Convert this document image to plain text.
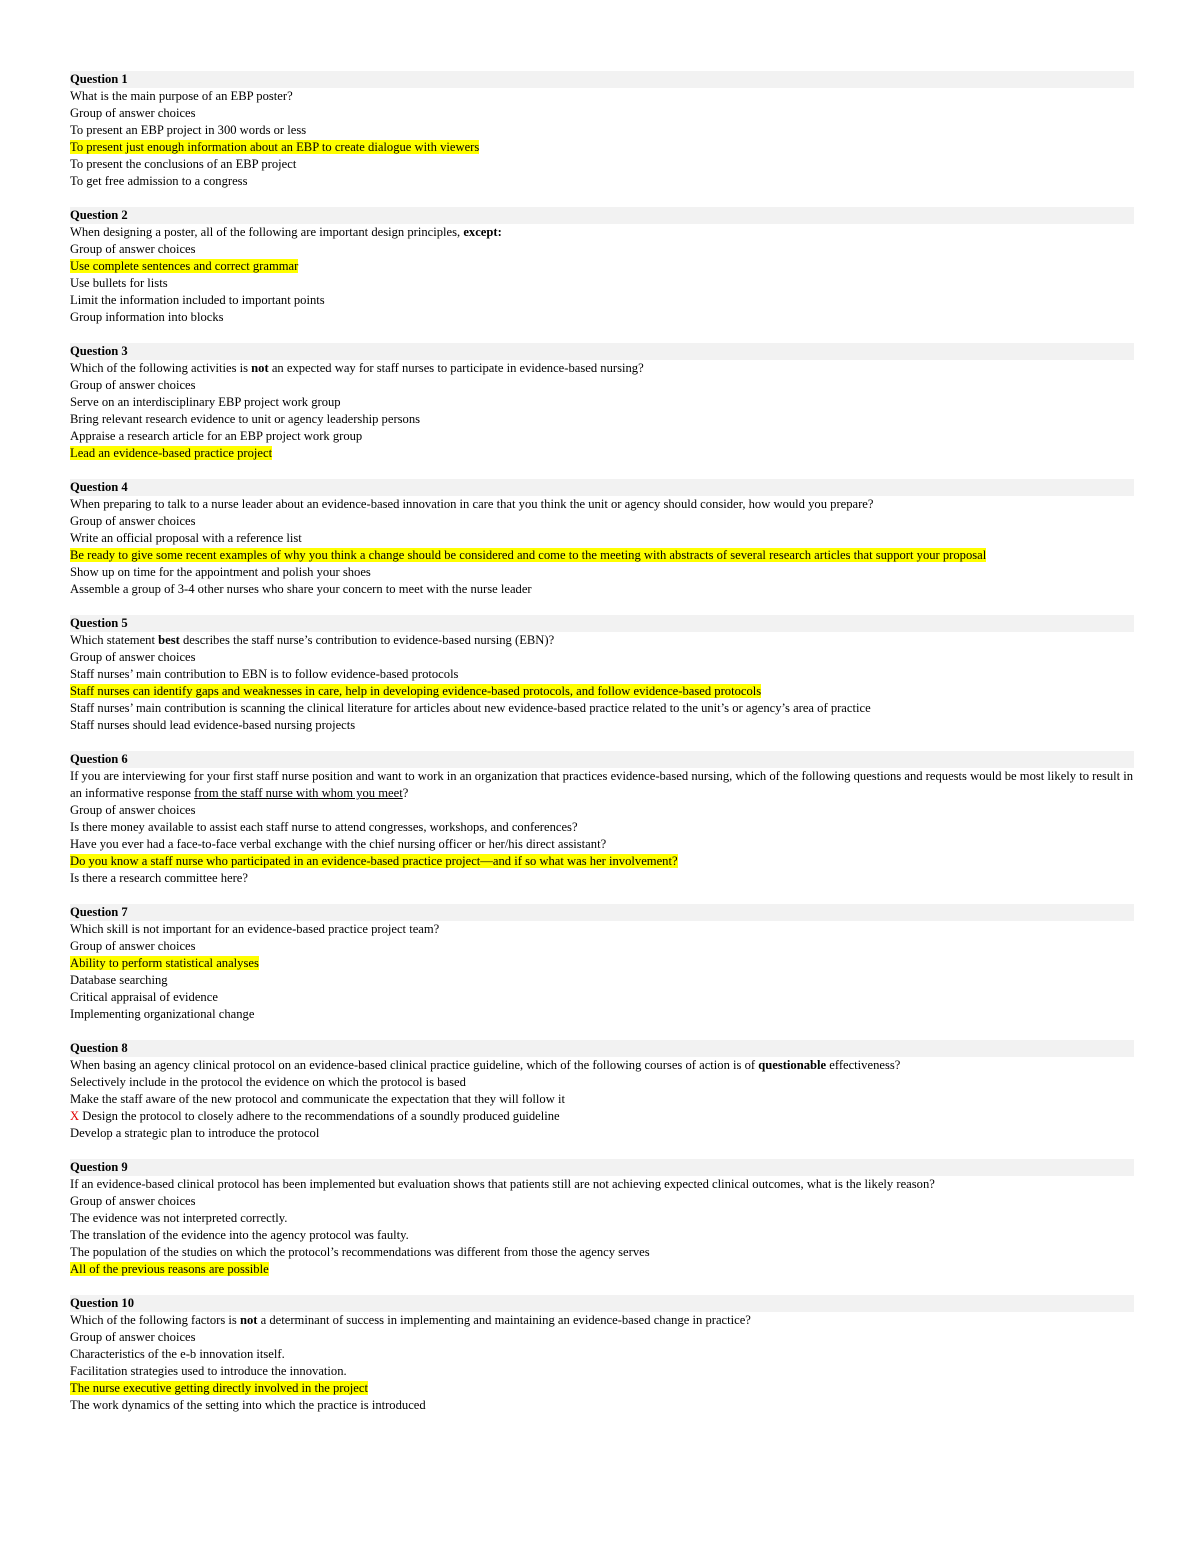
Question 1
What is the main purpose of an EBP poster?
Group of answer choices
To present an EBP project in 300 words or less
To present just enough information about an EBP to create dialogue with viewers
To present the conclusions of an EBP project
To get free admission to a congress
Question 2
When designing a poster, all of the following are important design principles, except:
Group of answer choices
Use complete sentences and correct grammar
Use bullets for lists
Limit the information included to important points
Group information into blocks
Question 3
Which of the following activities is not an expected way for staff nurses to participate in evidence-based nursing?
Group of answer choices
Serve on an interdisciplinary EBP project work group
Bring relevant research evidence to unit or agency leadership persons
Appraise a research article for an EBP project work group
Lead an evidence-based practice project
Question 4
When preparing to talk to a nurse leader about an evidence-based innovation in care that you think the unit or agency should consider, how would you prepare?
Group of answer choices
Write an official proposal with a reference list
Be ready to give some recent examples of why you think a change should be considered and come to the meeting with abstracts of several research articles that support your proposal
Show up on time for the appointment and polish your shoes
Assemble a group of 3-4 other nurses who share your concern to meet with the nurse leader
Question 5
Which statement best describes the staff nurse’s contribution to evidence-based nursing (EBN)?
Group of answer choices
Staff nurses’ main contribution to EBN is to follow evidence-based protocols
Staff nurses can identify gaps and weaknesses in care, help in developing evidence-based protocols, and follow evidence-based protocols
Staff nurses’ main contribution is scanning the clinical literature for articles about new evidence-based practice related to the unit’s or agency’s area of practice
Staff nurses should lead evidence-based nursing projects
Question 6
If you are interviewing for your first staff nurse position and want to work in an organization that practices evidence-based nursing, which of the following questions and requests would be most likely to result in an informative response from the staff nurse with whom you meet?
Group of answer choices
Is there money available to assist each staff nurse to attend congresses, workshops, and conferences?
Have you ever had a face-to-face verbal exchange with the chief nursing officer or her/his direct assistant?
Do you know a staff nurse who participated in an evidence-based practice project—and if so what was her involvement?
Is there a research committee here?
Question 7
Which skill is not important for an evidence-based practice project team?
Group of answer choices
Ability to perform statistical analyses
Database searching
Critical appraisal of evidence
Implementing organizational change
Question 8
When basing an agency clinical protocol on an evidence-based clinical practice guideline, which of the following courses of action is of questionable effectiveness?
Selectively include in the protocol the evidence on which the protocol is based
Make the staff aware of the new protocol and communicate the expectation that they will follow it
X Design the protocol to closely adhere to the recommendations of a soundly produced guideline
Develop a strategic plan to introduce the protocol
Question 9
If an evidence-based clinical protocol has been implemented but evaluation shows that patients still are not achieving expected clinical outcomes, what is the likely reason?
Group of answer choices
The evidence was not interpreted correctly.
The translation of the evidence into the agency protocol was faulty.
The population of the studies on which the protocol’s recommendations was different from those the agency serves
All of the previous reasons are possible
Question 10
Which of the following factors is not a determinant of success in implementing and maintaining an evidence-based change in practice?
Group of answer choices
Characteristics of the e-b innovation itself.
Facilitation strategies used to introduce the innovation.
The nurse executive getting directly involved in the project
The work dynamics of the setting into which the practice is introduced
